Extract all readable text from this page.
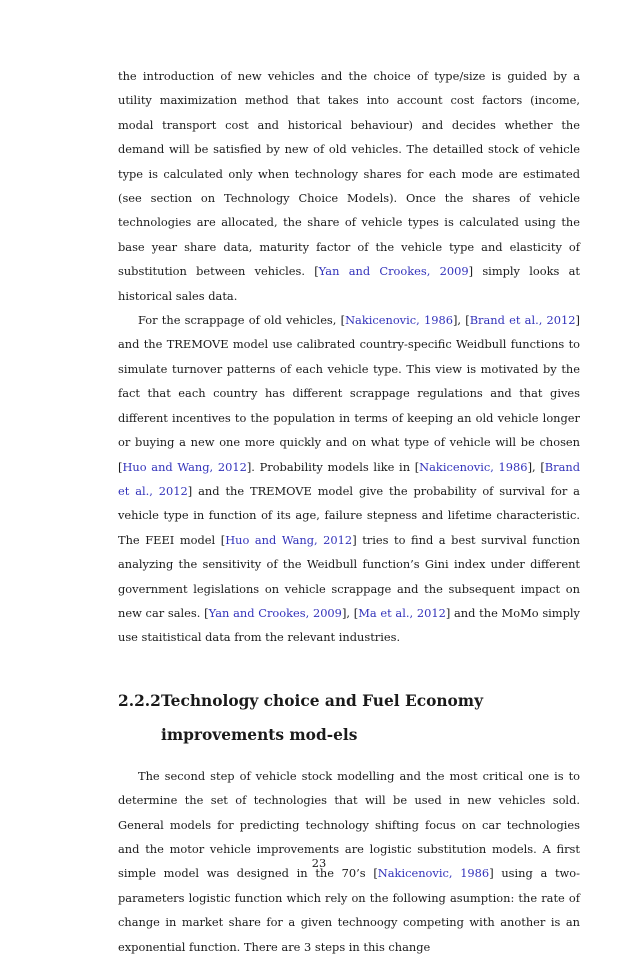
the introduction of new vehicles and the choice of type/size is guided by a utility maximization method that takes into account cost factors (income, modal transport cost and historical behaviour) and decides whether the demand will be satisfied by new of old vehicles. The detailled stock of vehicle type is calculated only when technology shares for each mode are estimated (see section on Technology Choice Models). Once the shares of vehicle technologies are allocated, the share of vehicle types is calculated using the base year share data, maturity factor of the vehicle type and elasticity of substitution between vehicles. [Yan and Crookes, 2009] simply looks at historical sales data.

For the scrappage of old vehicles, [Nakicenovic, 1986], [Brand et al., 2012] and the TREMOVE model use calibrated country-specific Weidbull functions to simulate turnover patterns of each vehicle type. This view is motivated by the fact that each country has different scrappage regulations and that gives different incentives to the population in terms of keeping an old vehicle longer or buying a new one more quickly and on what type of vehicle will be chosen [Huo and Wang, 2012]. Probability models like in [Nakicenovic, 1986], [Brand et al., 2012] and the TREMOVE model give the probability of survival for a vehicle type in function of its age, failure stepness and lifetime characteristic. The FEEI model [Huo and Wang, 2012] tries to find a best survival function analyzing the sensitivity of the Weidbull function’s Gini index under different government legislations on vehicle scrappage and the subsequent impact on new car sales. [Yan and Crookes, 2009], [Ma et al., 2012] and the MoMo simply use staitistical data from the relevant industries.

2.2.2 Technology choice and Fuel Economy improvements mod-els

The second step of vehicle stock modelling and the most critical one is to determine the set of technologies that will be used in new vehicles sold. General models for predicting technology shifting focus on car technologies and the motor vehicle improvements are logistic substitution models. A first simple model was designed in the 70’s [Nakicenovic, 1986] using a two-parameters logistic function which rely on the following asumption: the rate of change in market share for a given technoogy competing with another is an exponential function. There are 3 steps in this change

23
